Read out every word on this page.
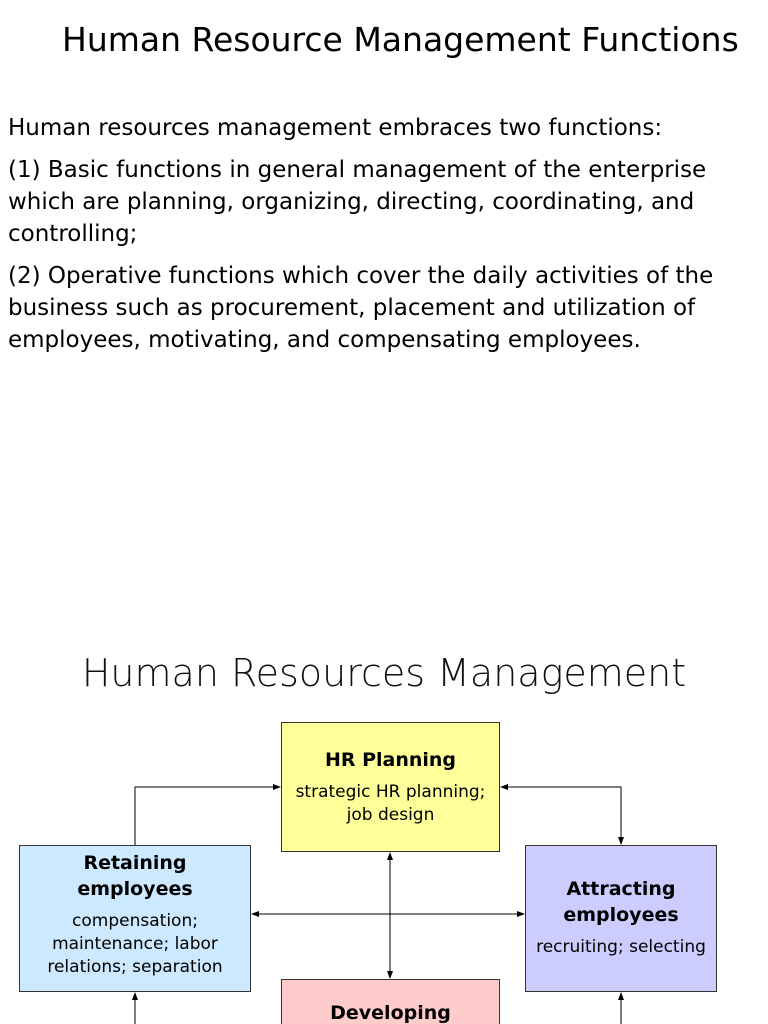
Human Resource Management Functions

Human resources management embraces two functions:

(1) Basic functions in general management of the enterprise which are planning, organizing, directing, coordinating, and controlling;

(2) Operative functions which cover the daily activities of the business such as procurement, placement and utilization of employees, motivating, and compensating employees.

Human Resources Management
HR Planning
strategic HR planning; job design
Retaining employees
compensation; maintenance; labor relations; separation
Attracting employees
recruiting; selecting
Developing
